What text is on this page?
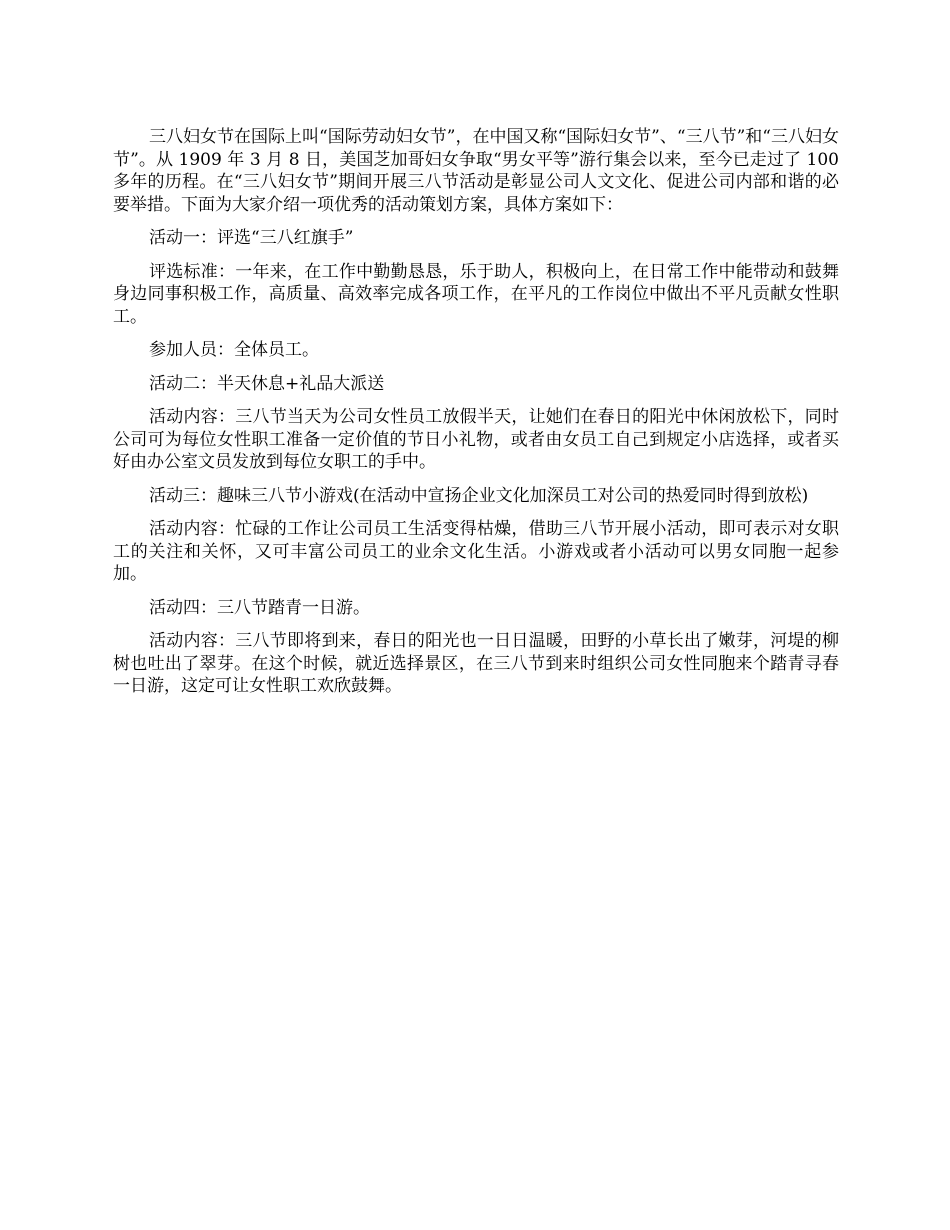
三八妇女节在国际上叫“国际劳动妇女节”，在中国又称“国际妇女节”、“三八节”和“三八妇女节”。从 1909 年 3 月 8 日，美国芝加哥妇女争取“男女平等”游行集会以来，至今已走过了 100 多年的历程。在“三八妇女节”期间开展三八节活动是彰显公司人文文化、促进公司内部和谐的必要举措。下面为大家介绍一项优秀的活动策划方案，具体方案如下：

活动一：评选“三八红旗手”

评选标准：一年来，在工作中勤勤恳恳，乐于助人，积极向上，在日常工作中能带动和鼓舞身边同事积极工作，高质量、高效率完成各项工作，在平凡的工作岗位中做出不平凡贡献女性职工。

参加人员：全体员工。

活动二：半天休息+礼品大派送

活动内容：三八节当天为公司女性员工放假半天，让她们在春日的阳光中休闲放松下，同时公司可为每位女性职工准备一定价值的节日小礼物，或者由女员工自己到规定小店选择，或者买好由办公室文员发放到每位女职工的手中。

活动三：趣味三八节小游戏(在活动中宣扬企业文化加深员工对公司的热爱同时得到放松)

活动内容：忙碌的工作让公司员工生活变得枯燥，借助三八节开展小活动，即可表示对女职工的关注和关怀，又可丰富公司员工的业余文化生活。小游戏或者小活动可以男女同胞一起参加。

活动四：三八节踏青一日游。

活动内容：三八节即将到来，春日的阳光也一日日温暖，田野的小草长出了嫩芽，河堤的柳树也吐出了翠芽。在这个时候，就近选择景区，在三八节到来时组织公司女性同胞来个踏青寻春一日游，这定可让女性职工欢欣鼓舞。
